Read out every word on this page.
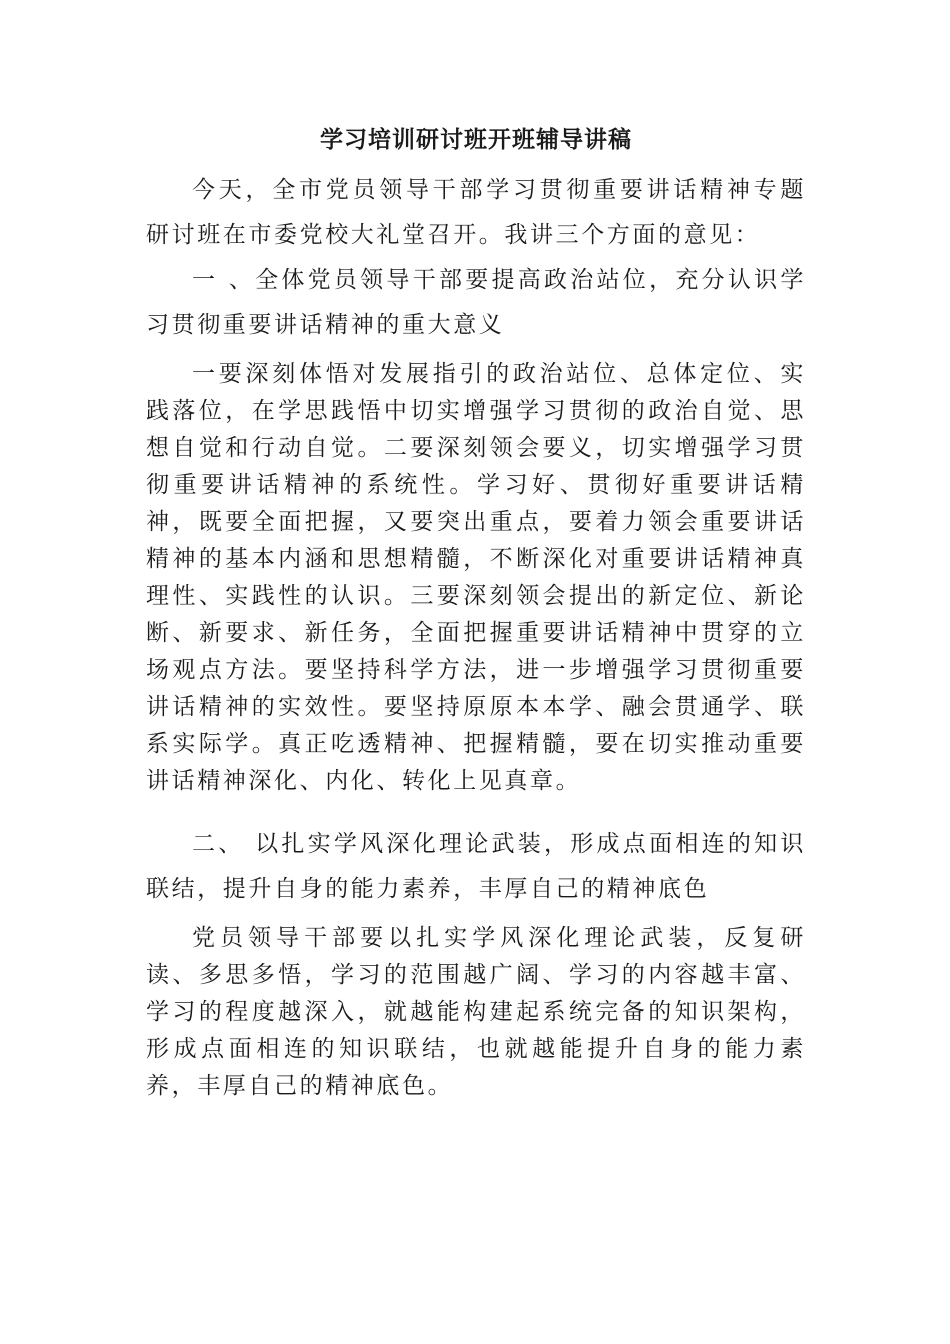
学习培训研讨班开班辅导讲稿

今天，全市党员领导干部学习贯彻重要讲话精神专题研讨班在市委党校大礼堂召开。我讲三个方面的意见：

一 、全体党员领导干部要提高政治站位，充分认识学习贯彻重要讲话精神的重大意义

一要深刻体悟对发展指引的政治站位、总体定位、实践落位，在学思践悟中切实增强学习贯彻的政治自觉、思想自觉和行动自觉。二要深刻领会要义，切实增强学习贯彻重要讲话精神的系统性。学习好、贯彻好重要讲话精神，既要全面把握，又要突出重点，要着力领会重要讲话精神的基本内涵和思想精髓，不断深化对重要讲话精神真理性、实践性的认识。三要深刻领会提出的新定位、新论断、新要求、新任务，全面把握重要讲话精神中贯穿的立场观点方法。要坚持科学方法，进一步增强学习贯彻重要讲话精神的实效性。要坚持原原本本学、融会贯通学、联系实际学。真正吃透精神、把握精髓，要在切实推动重要讲话精神深化、内化、转化上见真章。

二、 以扎实学风深化理论武装，形成点面相连的知识联结，提升自身的能力素养，丰厚自己的精神底色

党员领导干部要以扎实学风深化理论武装，反复研读、多思多悟，学习的范围越广阔、学习的内容越丰富、学习的程度越深入，就越能构建起系统完备的知识架构，形成点面相连的知识联结，也就越能提升自身的能力素养，丰厚自己的精神底色。
